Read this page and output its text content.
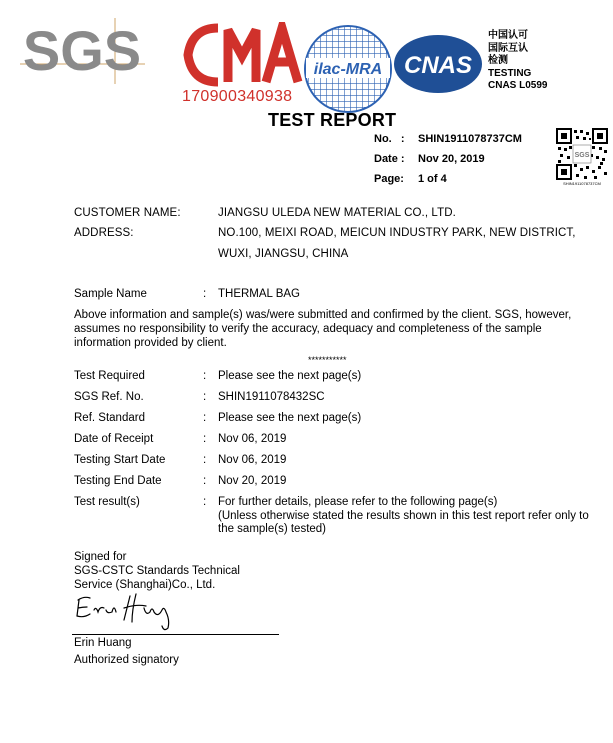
SGS
170900340938
ilac-MRA CNAS
中国认可
国际互认
检测
TESTING
CNAS L0599
TEST REPORT
No.   : SHIN1911078737CM
Date : Nov 20, 2019
Page: 1 of 4
SGS
SHIN1911078737CM
CUSTOMER NAME:	JIANGSU ULEDA NEW MATERIAL CO., LTD.
ADDRESS:	NO.100, MEIXI ROAD, MEICUN INDUSTRY PARK, NEW DISTRICT,
WUXI, JIANGSU, CHINA
Sample Name	: THERMAL BAG
Above information and sample(s) was/were submitted and confirmed by the client. SGS, however, assumes no responsibility to verify the accuracy, adequacy and completeness of the sample information provided by client.
***********
Test Required	: Please see the next page(s)
SGS Ref. No.	: SHIN1911078432SC
Ref. Standard	: Please see the next page(s)
Date of Receipt	: Nov 06, 2019
Testing Start Date	: Nov 06, 2019
Testing End Date	: Nov 20, 2019
Test result(s)	: For further details, please refer to the following page(s)
(Unless otherwise stated the results shown in this test report refer only to
the sample(s) tested)
Signed for
SGS-CSTC Standards Technical
Service (Shanghai)Co., Ltd.
Erin Huang
Authorized signatory
